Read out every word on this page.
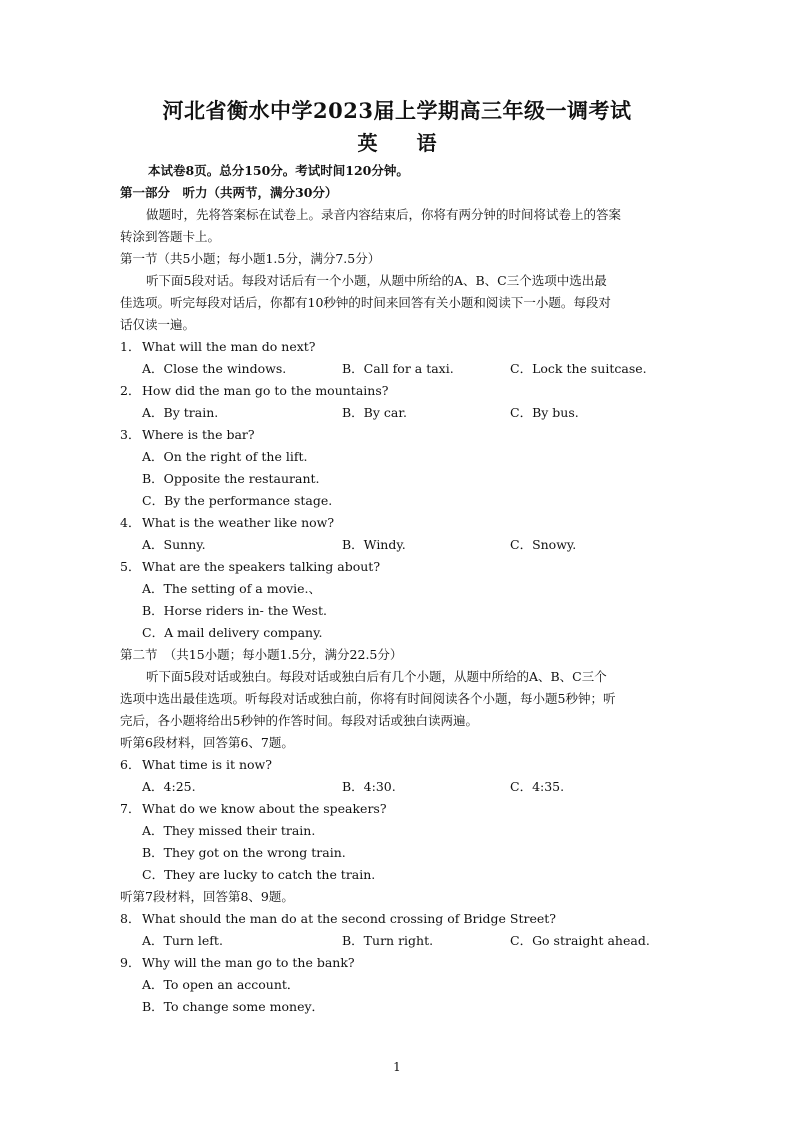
河北省衡水中学2023届上学期高三年级一调考试
英 语
本试卷8页。总分150分。考试时间120分钟。
第一部分　听力（共两节，满分30分）
做题时，先将答案标在试卷上。录音内容结束后，你将有两分钟的时间将试卷上的答案
转涂到答题卡上。
第一节（共5小题；每小题1.5分，满分7.5分）
听下面5段对话。每段对话后有一个小题，从题中所给的A、B、C三个选项中选出最
佳选项。听完每段对话后，你都有10秒钟的时间来回答有关小题和阅读下一小题。每段对
话仅读一遍。
1． What will the man do next?
A．Close the windows.	B．Call for a taxi.	C．Lock the suitcase.
2． How did the man go to the mountains?
A．By train.	B．By car.	C．By bus.
3． Where is the bar?
A．On the right of the lift.
B．Opposite the restaurant.
C．By the performance stage.
4． What is the weather like now?
A．Sunny.	B．Windy.	C．Snowy.
5． What are the speakers talking about?
A．The setting of a movie.、
B．Horse riders in- the West.
C．A mail delivery company.
第二节　（共15小题；每小题1.5分，满分22.5分）
听下面5段对话或独白。每段对话或独白后有几个小题，从题中所给的A、B、C三个
选项中选出最佳选项。听每段对话或独白前，你将有时间阅读各个小题，每小题5秒钟；听
完后，各小题将给出5秒钟的作答时间。每段对话或独白读两遍。
听第6段材料，回答第6、7题。
6． What time is it now?
A．4:25.	B．4:30.	C．4:35.
7． What do we know about the speakers?
A．They missed their train.
B．They got on the wrong train.
C．They are lucky to catch the train.
听第7段材料，回答第8、9题。
8． What should the man do at the second crossing of Bridge Street?
A．Turn left.	B．Turn right.	C．Go straight ahead.
9． Why will the man go to the bank?
A．To open an account．
B．To change some money．
1
